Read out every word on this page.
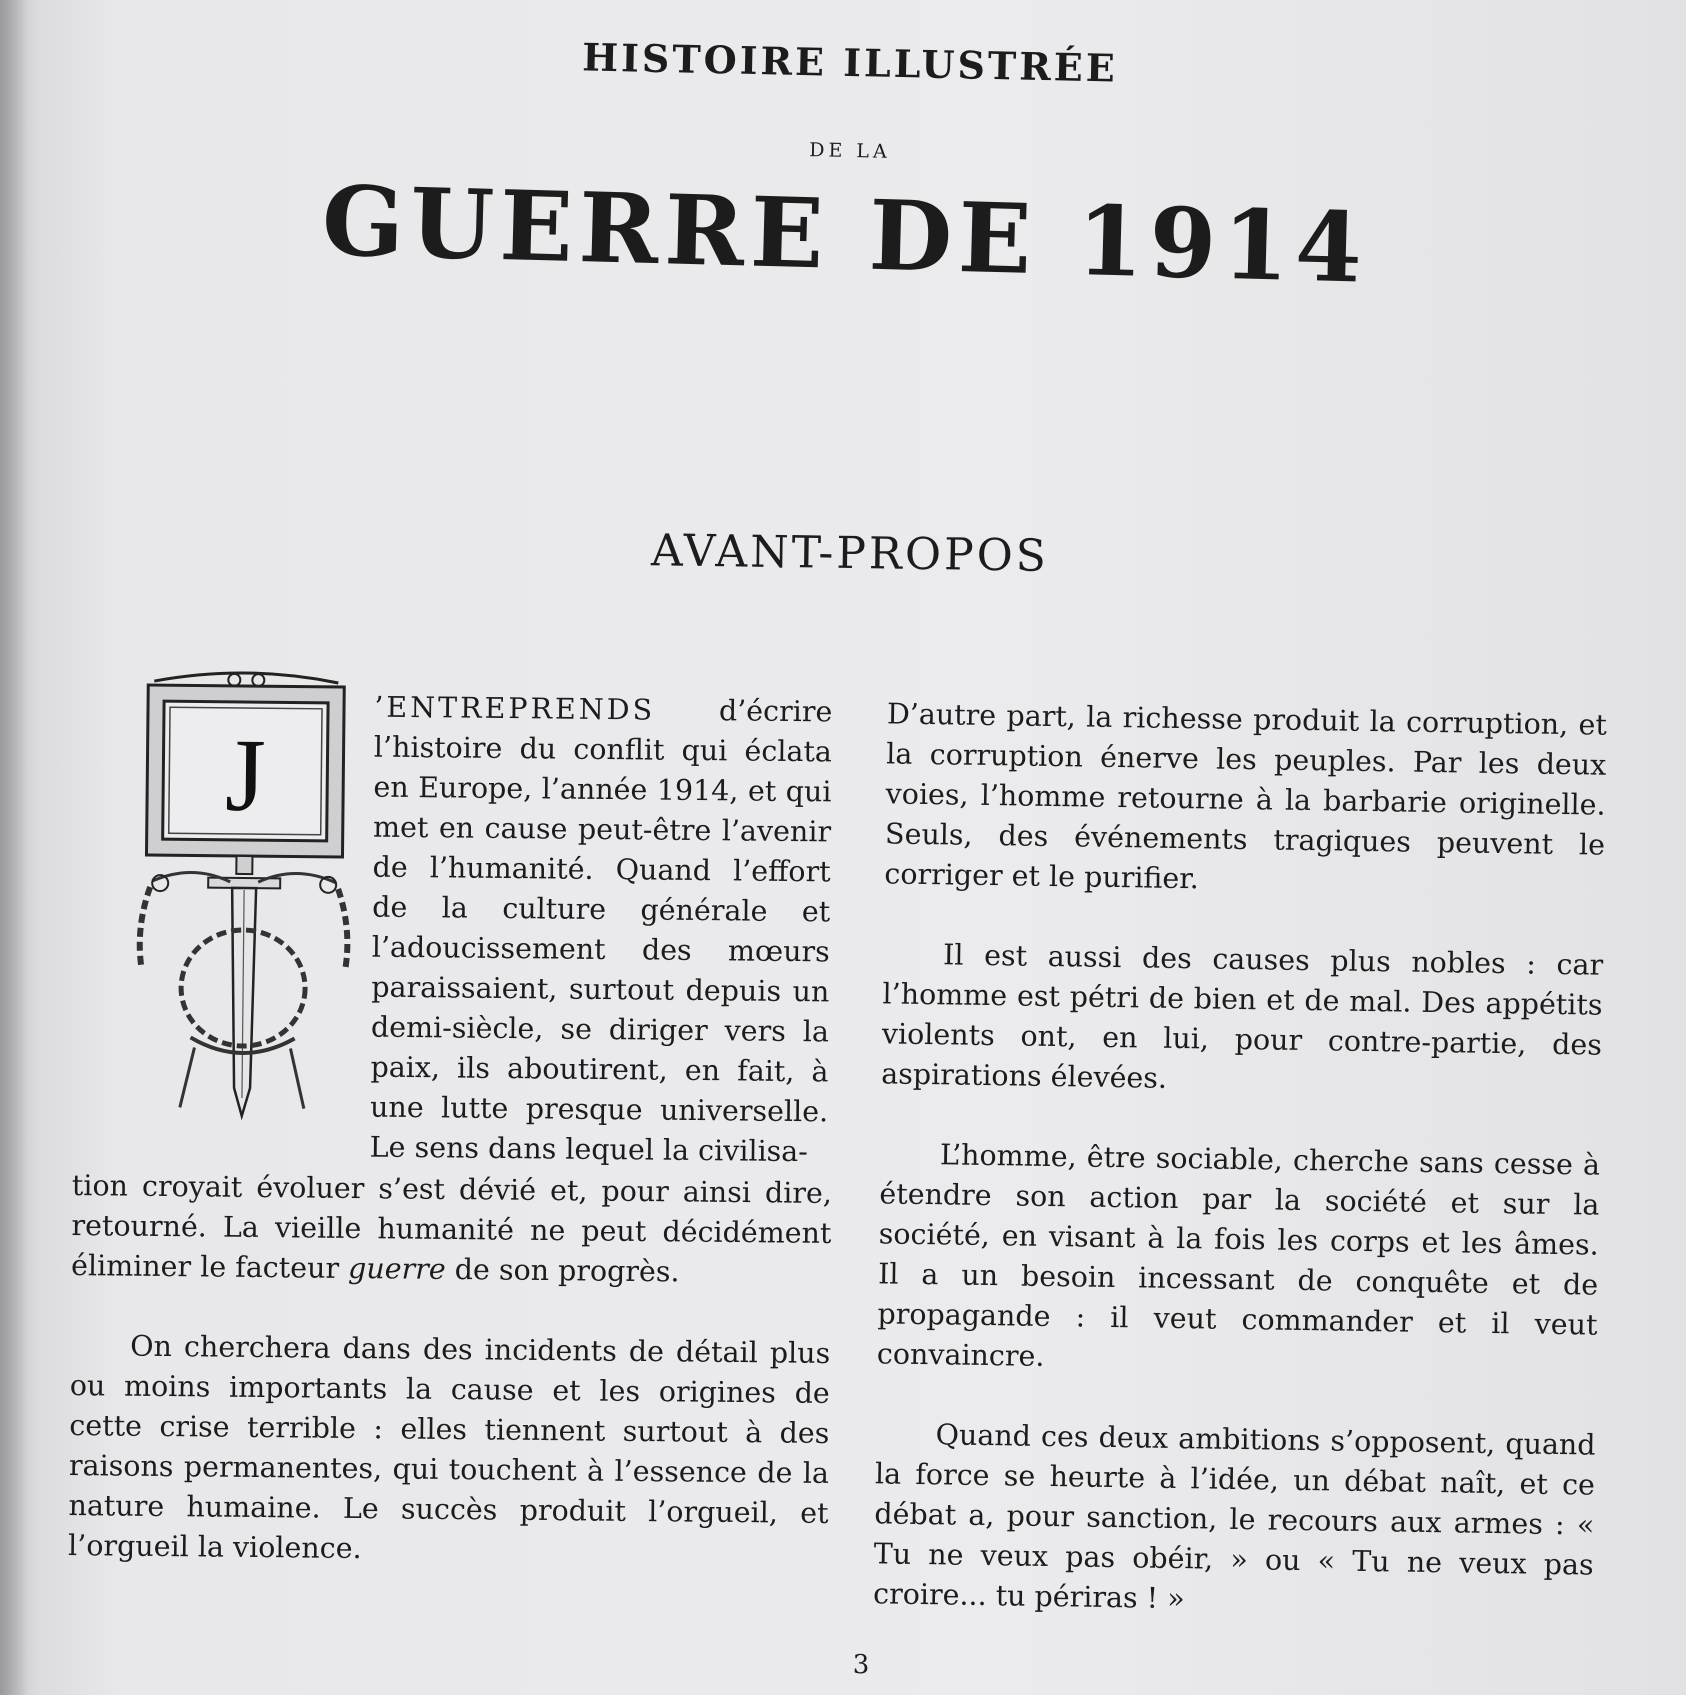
HISTOIRE ILLUSTRÉE
DE LA
GUERRE DE 1914
AVANT-PROPOS
J

’ENTREPRENDS d’écrire l’histoire du conflit qui éclata en Europe, l’année 1914, et qui met en cause peut-être l’avenir de l’humanité. Quand l’effort de la culture générale et l’adoucissement des mœurs paraissaient, surtout depuis un demi-siècle, se diriger vers la paix, ils aboutirent, en fait, à une lutte presque universelle. Le sens dans lequel la civilisa-

tion croyait évoluer s’est dévié et, pour ainsi dire, retourné. La vieille humanité ne peut décidément éliminer le facteur guerre de son progrès.

On cherchera dans des incidents de détail plus ou moins importants la cause et les origines de cette crise terrible : elles tiennent surtout à des raisons permanentes, qui touchent à l’essence de la nature humaine. Le succès produit l’orgueil, et l’orgueil la violence.

D’autre part, la richesse produit la corruption, et la corruption énerve les peuples. Par les deux voies, l’homme retourne à la barbarie originelle. Seuls, des événements tragiques peuvent le corriger et le purifier.

Il est aussi des causes plus nobles : car l’homme est pétri de bien et de mal. Des appétits violents ont, en lui, pour contre-partie, des aspirations élevées.

L’homme, être sociable, cherche sans cesse à étendre son action par la société et sur la société, en visant à la fois les corps et les âmes. Il a un besoin incessant de conquête et de propagande : il veut commander et il veut convaincre.

Quand ces deux ambitions s’opposent, quand la force se heurte à l’idée, un débat naît, et ce débat a, pour sanction, le recours aux armes : « Tu ne veux pas obéir, » ou « Tu ne veux pas croire... tu périras ! »

3
